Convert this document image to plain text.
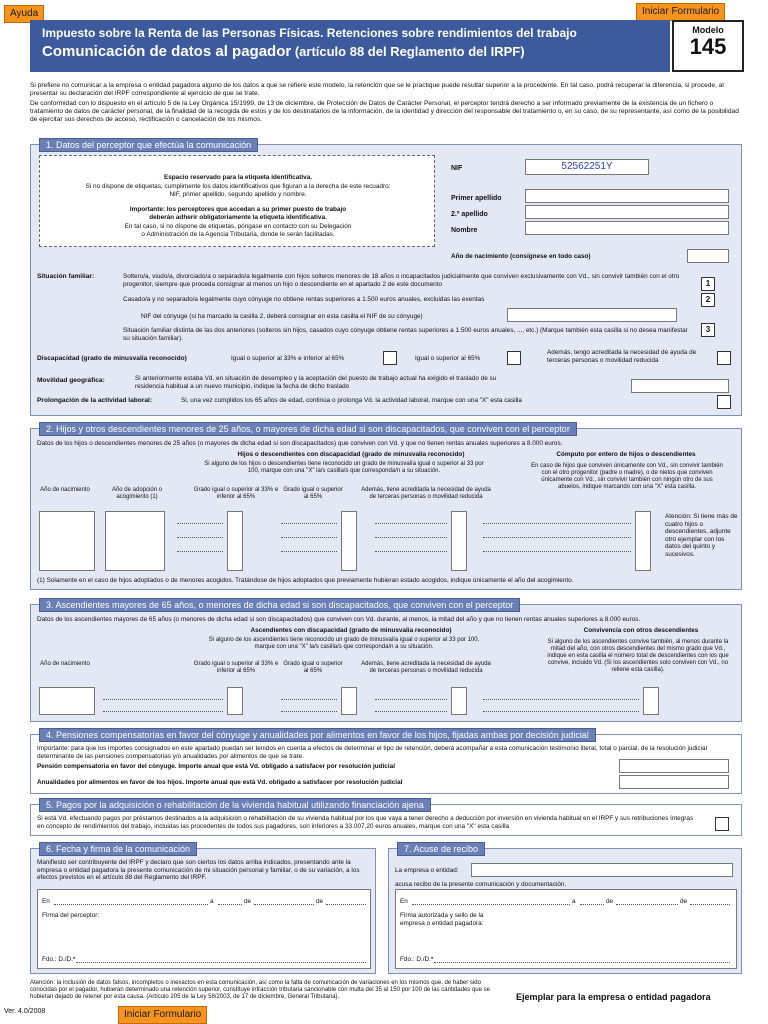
Ayuda	Iniciar Formulario
Impuesto sobre la Renta de las Personas Físicas. Retenciones sobre rendimientos del trabajo
Comunicación de datos al pagador (artículo 88 del Reglamento del IRPF)
Modelo
145
Si prefiere no comunicar a la empresa o entidad pagadora alguno de los datos a que se refiere este modelo, la retención que se le practique puede resultar superior a la procedente. En tal caso, podrá recuperar la diferencia, si procede, al presentar su declaración del IRPF correspondiente al ejercicio de que se trate.
De conformidad con lo dispuesto en el artículo 5 de la Ley Orgánica 15/1999, de 13 de diciembre, de Protección de Datos de Carácter Personal, el perceptor tendrá derecho a ser informado previamente de la existencia de un fichero o tratamiento de datos de carácter personal, de la finalidad de la recogida de estos y de los destinatarios de la información, de la identidad y dirección del responsable del tratamiento o, en su caso, de su representante, así como de la posibilidad de ejercitar sus derechos de acceso, rectificación o cancelación de los mismos.
1. Datos del perceptor que efectúa la comunicación
Espacio reservado para la etiqueta identificativa.
Si no dispone de etiquetas, cumplimente los datos identificativos que figuran a la derecha de este recuadro:
NIF, primer apellido, segundo apellido y nombre.
Importante: los perceptores que accedan a su primer puesto de trabajo
deberán adherir obligatoriamente la etiqueta identificativa.
En tal caso, si no dispone de etiquetas, póngase en contacto con su Delegación
o Administración de la Agencia Tributaria, donde le serán facilitadas.
NIF	52562251Y
Primer apellido
2.º apellido
Nombre
Año de nacimiento (consígnese en todo caso)
Situación familiar:	Soltero/a, viudo/a, divorciado/a o separado/a legalmente con hijos solteros menores de 18 años o incapacitados judicialmente que conviven exclusivamente con Vd., sin convivir también con el otro progenitor, siempre que proceda consignar al menos un hijo o descendiente en el apartado 2 de este documento	1
Casado/a y no separado/a legalmente cuyo cónyuge no obtiene rentas superiores a 1.500 euros anuales, excluidas las exentas	2
NIF del cónyuge (si ha marcado la casilla 2, deberá consignar en esta casilla el NIF de su cónyuge)
Situación familiar distinta de las dos anteriores (solteros sin hijos, casados cuyo cónyuge obtiene rentas superiores a 1.500 euros anuales, ..., etc.) (Marque también esta casilla si no desea manifestar su situación familiar).
3
Discapacidad (grado de minusvalía reconocido)	Igual o superior al 33% e inferior al 65%	Igual o superior al 65%
Además, tengo acreditada la necesidad de ayuda de terceras personas o movilidad reducida
Movilidad geográfica:	Si anteriormente estaba Vd. en situación de desempleo y la aceptación del puesto de trabajo actual ha exigido el traslado de su residencia habitual a un nuevo municipio, indique la fecha de dicho traslado
Prolongación de la actividad laboral:	Si, una vez cumplidos los 65 años de edad, continúa o prolonga Vd. la actividad laboral, marque con una "X" esta casilla
2. Hijos y otros descendientes menores de 25 años, o mayores de dicha edad si son discapacitados, que conviven con el perceptor
Datos de los hijos o descendientes menores de 25 años (o mayores de dicha edad si son discapacitados) que conviven con Vd. y que no tienen rentas anuales superiores a 8.000 euros.
Hijos o descendientes con discapacidad (grado de minusvalía reconocido)	Cómputo por entero de hijos o descendientes
Si alguno de los hijos o descendientes tiene reconocido un grado de minusvalía igual o superior al 33 por 100, marque con una "X" la/s casilla/s que corresponda/n a su situación.
Año de nacimiento	Año de adopción o acogimiento (1)
Grado igual o superior al 33% e inferior al 65%
Grado igual o superior al 65%
Además, tiene acreditada la necesidad de ayuda de terceras personas o movilidad reducida
En caso de hijos que conviven únicamente con Vd., sin convivir también con el otro progenitor (padre o madre), o de nietos que conviven únicamente con Vd., sin convivir también con ningún otro de sus abuelos, indique marcando con una "X" esta casilla.
Atención: Si tiene más de cuatro hijos o descendientes, adjunte otro ejemplar con los datos del quinto y sucesivos.
(1) Solamente en el caso de hijos adoptados o de menores acogidos. Tratándose de hijos adoptados que previamente hubieran estado acogidos, indique únicamente el año del acogimiento.
3. Ascendientes mayores de 65 años, o menores de dicha edad si son discapacitados, que conviven con el perceptor
Datos de los ascendientes mayores de 65 años (o menores de dicha edad si son discapacitados) que conviven con Vd. durante, al menos, la mitad del año y que no tienen rentas anuales superiores a 8.000 euros.
Ascendientes con discapacidad (grado de minusvalía reconocido)	Convivencia con otros descendientes
Si alguno de los ascendientes tiene reconocido un grado de minusvalía igual o superior al 33 por 100, marque con una "X" la/s casilla/s que corresponda/n a su situación.
Año de nacimiento	Grado igual o superior al 33% e inferior al 65%
Grado igual o superior al 65%
Además, tiene acreditada la necesidad de ayuda de terceras personas o movilidad reducida
Si alguno de los ascendientes convive también, al menos durante la mitad del año, con otros descendientes del mismo grado que Vd., indique en esta casilla el número total de descendientes con los que convive, incluido Vd. (Si los ascendientes solo conviven con Vd., no rellene esta casilla).
4. Pensiones compensatorias en favor del cónyuge y anualidades por alimentos en favor de los hijos, fijadas ambas por decisión judicial
Importante: para que los importes consignados en este apartado puedan ser tenidos en cuenta a efectos de determinar el tipo de retención, deberá acompañar a esta comunicación testimonio literal, total o parcial, de la resolución judicial determinante de las pensiones compensatorias y/o anualidades por alimentos de que se trate.
Pensión compensatoria en favor del cónyuge. Importe anual que está Vd. obligado a satisfacer por resolución judicial
Anualidades por alimentos en favor de los hijos. Importe anual que está Vd. obligado a satisfacer por resolución judicial
5. Pagos por la adquisición o rehabilitación de la vivienda habitual utilizando financiación ajena
Si está Vd. efectuando pagos por préstamos destinados a la adquisición o rehabilitación de su vivienda habitual por los que vaya a tener derecho a deducción por inversión en vivienda habitual en el IRPF y sus retribuciones íntegras en concepto de rendimientos del trabajo, incluidas las procedentes de todos sus pagadores, son inferiores a 33.007,20 euros anuales, marque con una "X" esta casilla
6. Fecha y firma de la comunicación
Manifiesto ser contribuyente del IRPF y declaro que son ciertos los datos arriba indicados, presentando ante la empresa o entidad pagadora la presente comunicación de mi situación personal y familiar, o de su variación, a los efectos previstos en el artículo 88 del Reglamento del IRPF.
En	a	de	de
Firma del perceptor:
Fdo.: D./D.ª
7. Acuse de recibo
La empresa o entidad:
acusa recibo de la presente comunicación y documentación.
En	a	de	de
Firma autorizada y sello de la empresa o entidad pagadora:
Fdo.: D./D.ª
Atención: la inclusión de datos falsos, incompletos o inexactos en esta comunicación, así como la falta de comunicación de variaciones en los mismos que, de haber sido conocidas por el pagador, hubieran determinado una retención superior, constituye infracción tributaria sancionable con multa del 35 al 150 por 100 de las cantidades que se hubieran dejado de retener por esta causa. (Artículo 205 de la Ley 58/2003, de 17 de diciembre, General Tributaria).	Ejemplar para la empresa o entidad pagadora
Ver. 4.0/2008	Iniciar Formulario
